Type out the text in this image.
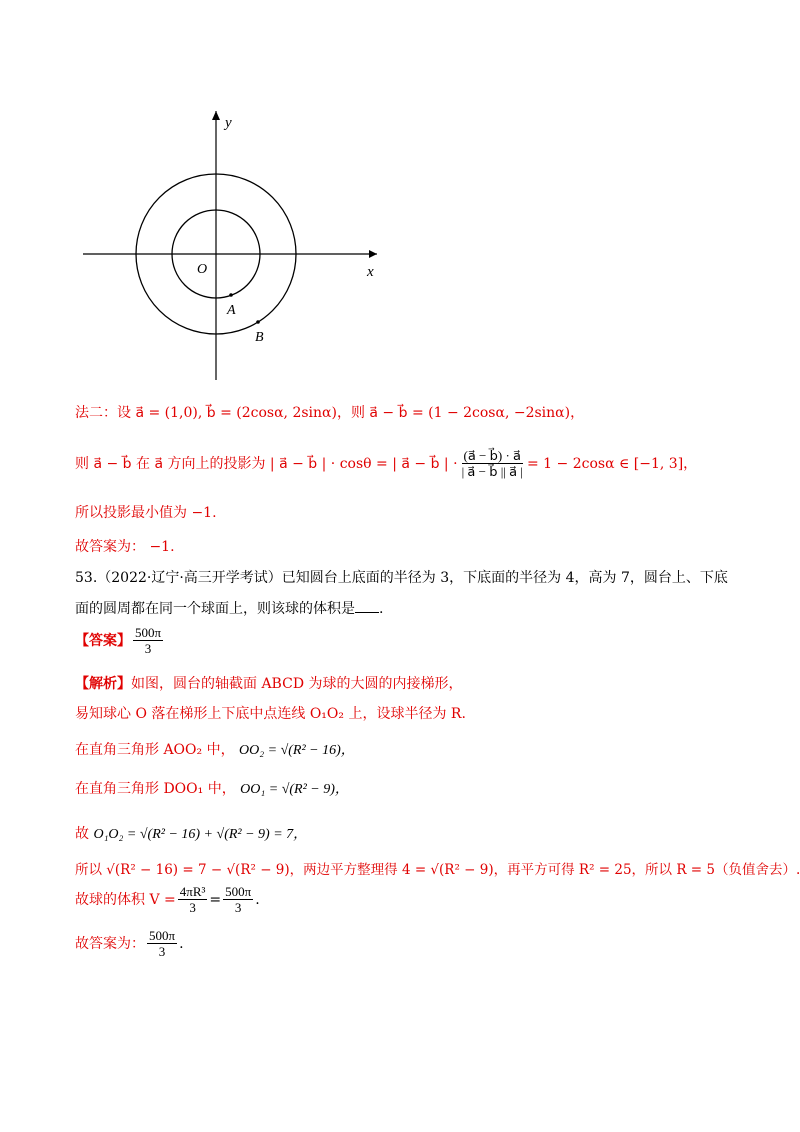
y
x
O
A
B
法二：设 a⃗ = (1,0), b⃗ = (2cosα, 2sinα)，则 a⃗ − b⃗ = (1 − 2cosα, −2sinα)，
则 a⃗ − b⃗ 在 a⃗ 方向上的投影为 | a⃗ − b⃗ | · cosθ = | a⃗ − b⃗ | · $\frac{(a⃗ - b⃗) \cdot a⃗}{| a⃗ - b⃗ || a⃗ |} = 1 - 2\cos\alpha$ ∈ [−1, 3]，
所以投影最小值为 −1.
故答案为： −1.
53.（2022·辽宁·高三开学考试）已知圆台上底面的半径为 3，下底面的半径为 4，高为 7，圆台上、下底
面的圆周都在同一个球面上，则该球的体积是 .
【答案】 $\frac{500\pi}{3}$
【解析】如图，圆台的轴截面 ABCD 为球的大圆的内接梯形，
易知球心 O 落在梯形上下底中点连线 O₁O₂ 上，设球半径为 R.
在直角三角形 AOO₂ 中， OO₂ = √(R² − 16)，
在直角三角形 DOO₁ 中， OO₁ = √(R² − 9)，
故 O₁O₂ = √(R² − 16) + √(R² − 9) = 7，
所以 √(R² − 16) = 7 − √(R² − 9)，两边平方整理得 4 = √(R² − 9)，再平方可得 R² = 25，所以 R = 5（负值舍去）.
故球的体积 $V = \frac{\text{4πR³}}{3} = \frac{500\pi}{3}$ .
故答案为： $\frac{500\pi}{3}$ .
